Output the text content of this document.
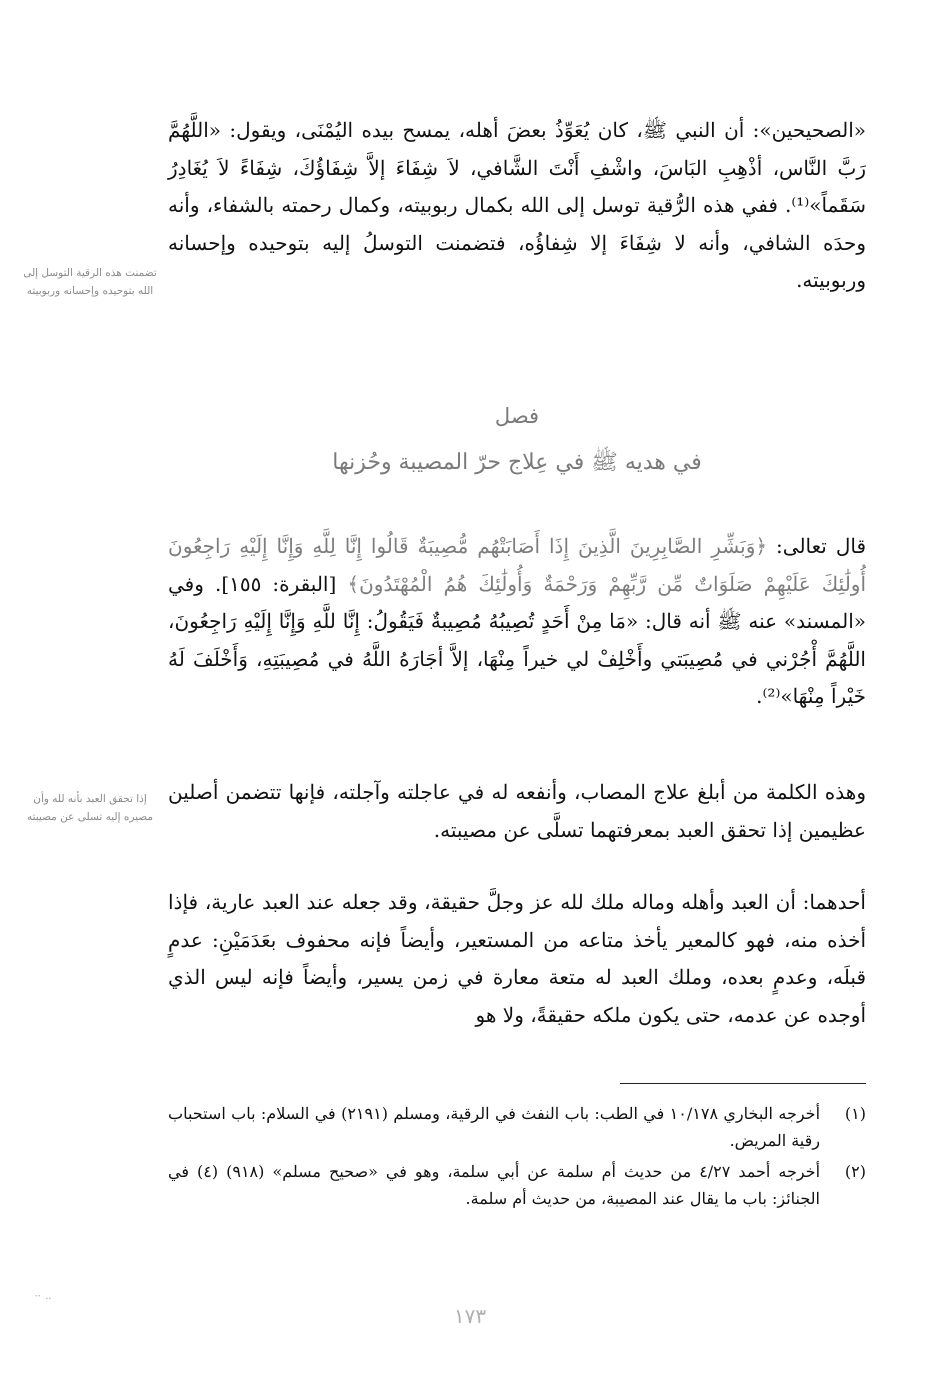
«الصحيحين»: أن النبي ﷺ، كان يُعَوِّذُ بعضَ أهله، يمسح بيده اليُمْنَى، ويقول: «اللَّهُمَّ رَبَّ النَّاس، أذْهِبِ البَاسَ، واشْفِ أَنْتَ الشَّافي، لاَ شِفَاءَ إلاَّ شِفَاؤُكَ، شِفَاءً لاَ يُغَادِرُ سَقَماً»⁽¹⁾. ففي هذه الرُّقية توسل إلى الله بكمال ربوبيته، وكمال رحمته بالشفاء، وأنه وحدَه الشافي، وأنه لا شِفَاءَ إلا شِفاؤُه، فتضمنت التوسلُ إليه بتوحيده وإحسانه وربوبيته.

تضمنت هذه الرقية التوسل إلى الله بتوحيده وإحسانه وربوبيته
فصل
في هديه ﷺ في عِلاج حرّ المصيبة وحُزنها

قال تعالى: ﴿وَبَشِّرِ الصَّابِرِينَ الَّذِينَ إِذَا أَصَابَتْهُم مُّصِيبَةٌ قَالُوا إِنَّا لِلَّهِ وَإِنَّا إِلَيْهِ رَاجِعُونَ أُولَٰئِكَ عَلَيْهِمْ صَلَوَاتٌ مِّن رَّبِّهِمْ وَرَحْمَةٌ وَأُولَٰئِكَ هُمُ الْمُهْتَدُونَ﴾ [البقرة: ١٥٥]. وفي «المسند» عنه ﷺ أنه قال: «مَا مِنْ أَحَدٍ تُصِيبُهُ مُصِيبةٌ فَيَقُولُ: إِنَّا للَّهِ وَإِنَّا إِلَيْهِ رَاجِعُونَ، اللَّهُمَّ أْجُرْني في مُصِيبَتي وأَخْلِفْ لي خيراً مِنْهَا، إلاَّ أجَارَهُ اللَّهُ في مُصِيبَتِهِ، وَأَخْلَفَ لَهُ خَيْراً مِنْهَا»⁽²⁾.

وهذه الكلمة من أبلغ علاج المصاب، وأنفعه له في عاجلته وآجلته، فإنها تتضمن أصلين عظيمين إذا تحقق العبد بمعرفتهما تسلَّى عن مصيبته.

إذا تحقق العبد بأنه لله وأن مصيره إليه تسلى عن مصيبته

أحدهما: أن العبد وأهله وماله ملك لله عز وجلَّ حقيقة، وقد جعله عند العبد عارية، فإذا أخذه منه، فهو كالمعير يأخذ متاعه من المستعير، وأيضاً فإنه محفوف بعَدَمَيْنِ: عدمٍ قبلَه، وعدمٍ بعده، وملك العبد له متعة معارة في زمن يسير، وأيضاً فإنه ليس الذي أوجده عن عدمه، حتى يكون ملكه حقيقةً، ولا هو

(١)
أخرجه البخاري ١٠/١٧٨ في الطب: باب النفث في الرقية، ومسلم (٢١٩١) في السلام: باب استحباب رقية المريض.
(٢)
أخرجه أحمد ٤/٢٧ من حديث أم سلمة عن أبي سلمة، وهو في «صحيح مسلم» (٩١٨) (٤) في الجنائز: باب ما يقال عند المصيبة، من حديث أم سلمة.
١٧٣
⠒ ⠤
